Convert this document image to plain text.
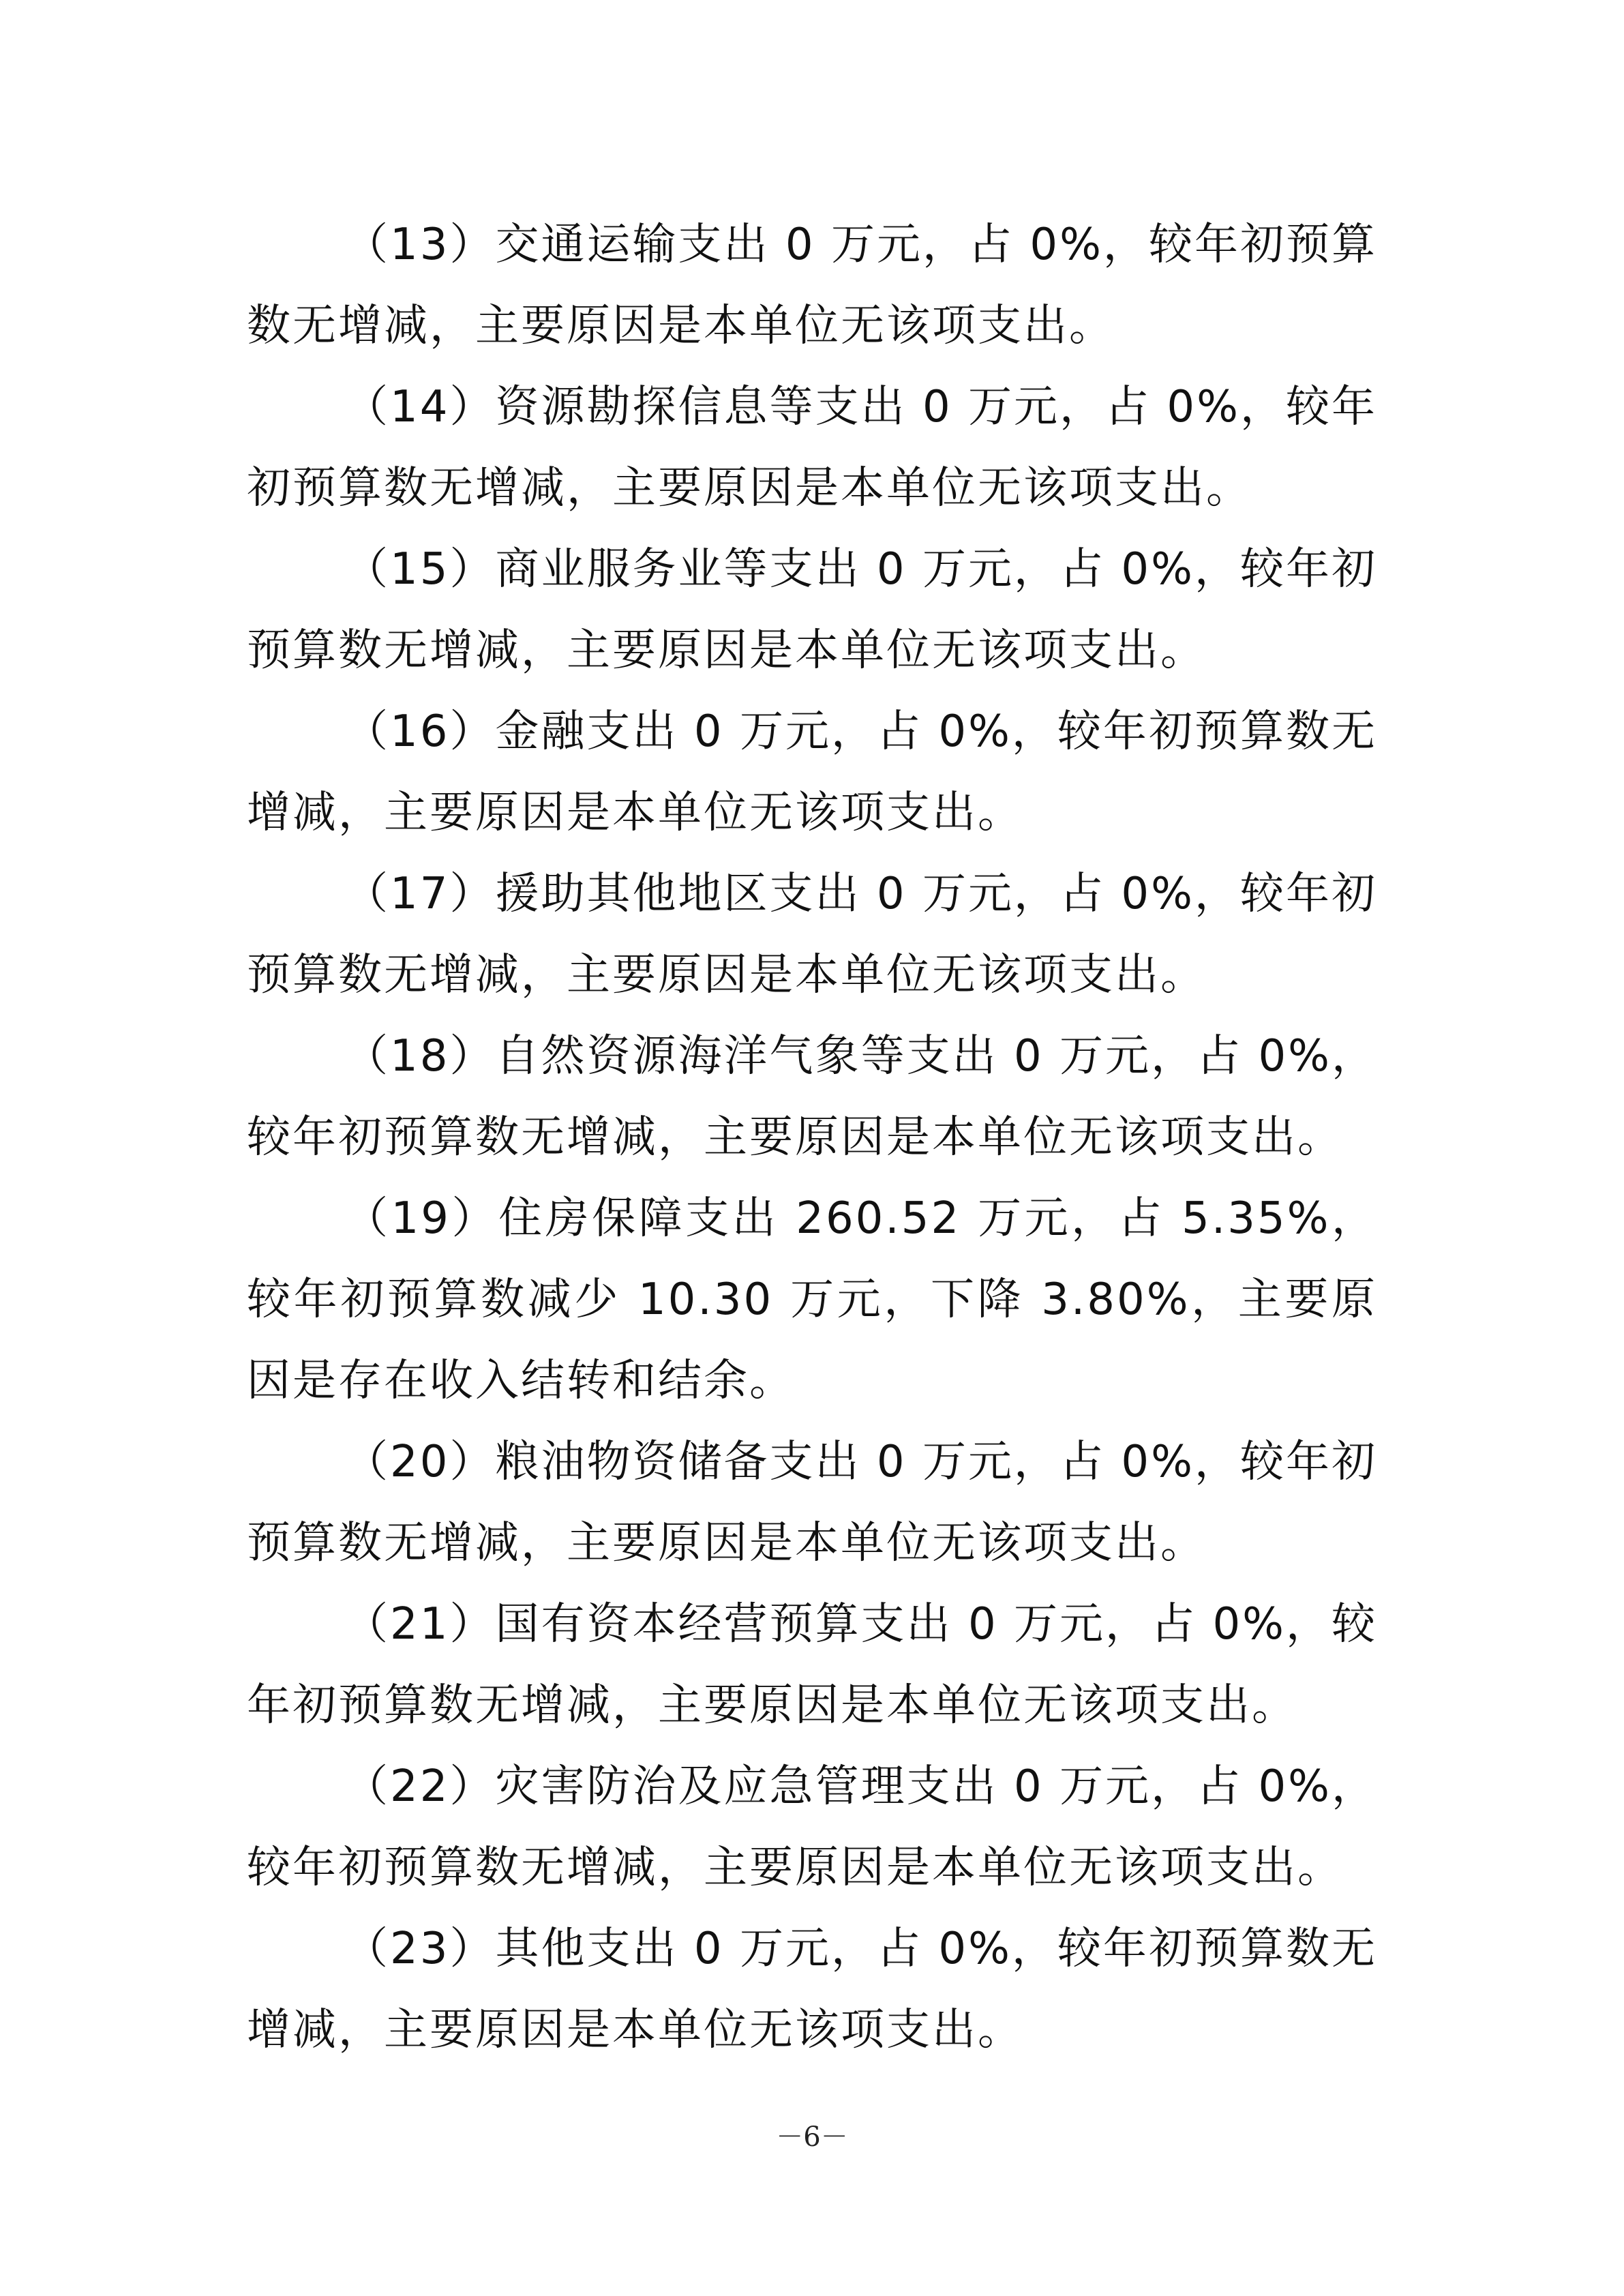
（13）交通运输支出 0 万元，占 0%，较年初预算数无增减，主要原因是本单位无该项支出。

（14）资源勘探信息等支出 0 万元，占 0%，较年初预算数无增减，主要原因是本单位无该项支出。

（15）商业服务业等支出 0 万元，占 0%，较年初预算数无增减，主要原因是本单位无该项支出。

（16）金融支出 0 万元，占 0%，较年初预算数无增减，主要原因是本单位无该项支出。

（17）援助其他地区支出 0 万元，占 0%，较年初预算数无增减，主要原因是本单位无该项支出。

（18）自然资源海洋气象等支出 0 万元，占 0%，较年初预算数无增减，主要原因是本单位无该项支出。

（19）住房保障支出 260.52 万元，占 5.35%，较年初预算数减少 10.30 万元，下降 3.80%，主要原因是存在收入结转和结余。

（20）粮油物资储备支出 0 万元，占 0%，较年初预算数无增减，主要原因是本单位无该项支出。

（21）国有资本经营预算支出 0 万元，占 0%，较年初预算数无增减，主要原因是本单位无该项支出。

（22）灾害防治及应急管理支出 0 万元，占 0%，较年初预算数无增减，主要原因是本单位无该项支出。

（23）其他支出 0 万元，占 0%，较年初预算数无增减，主要原因是本单位无该项支出。

－6－
